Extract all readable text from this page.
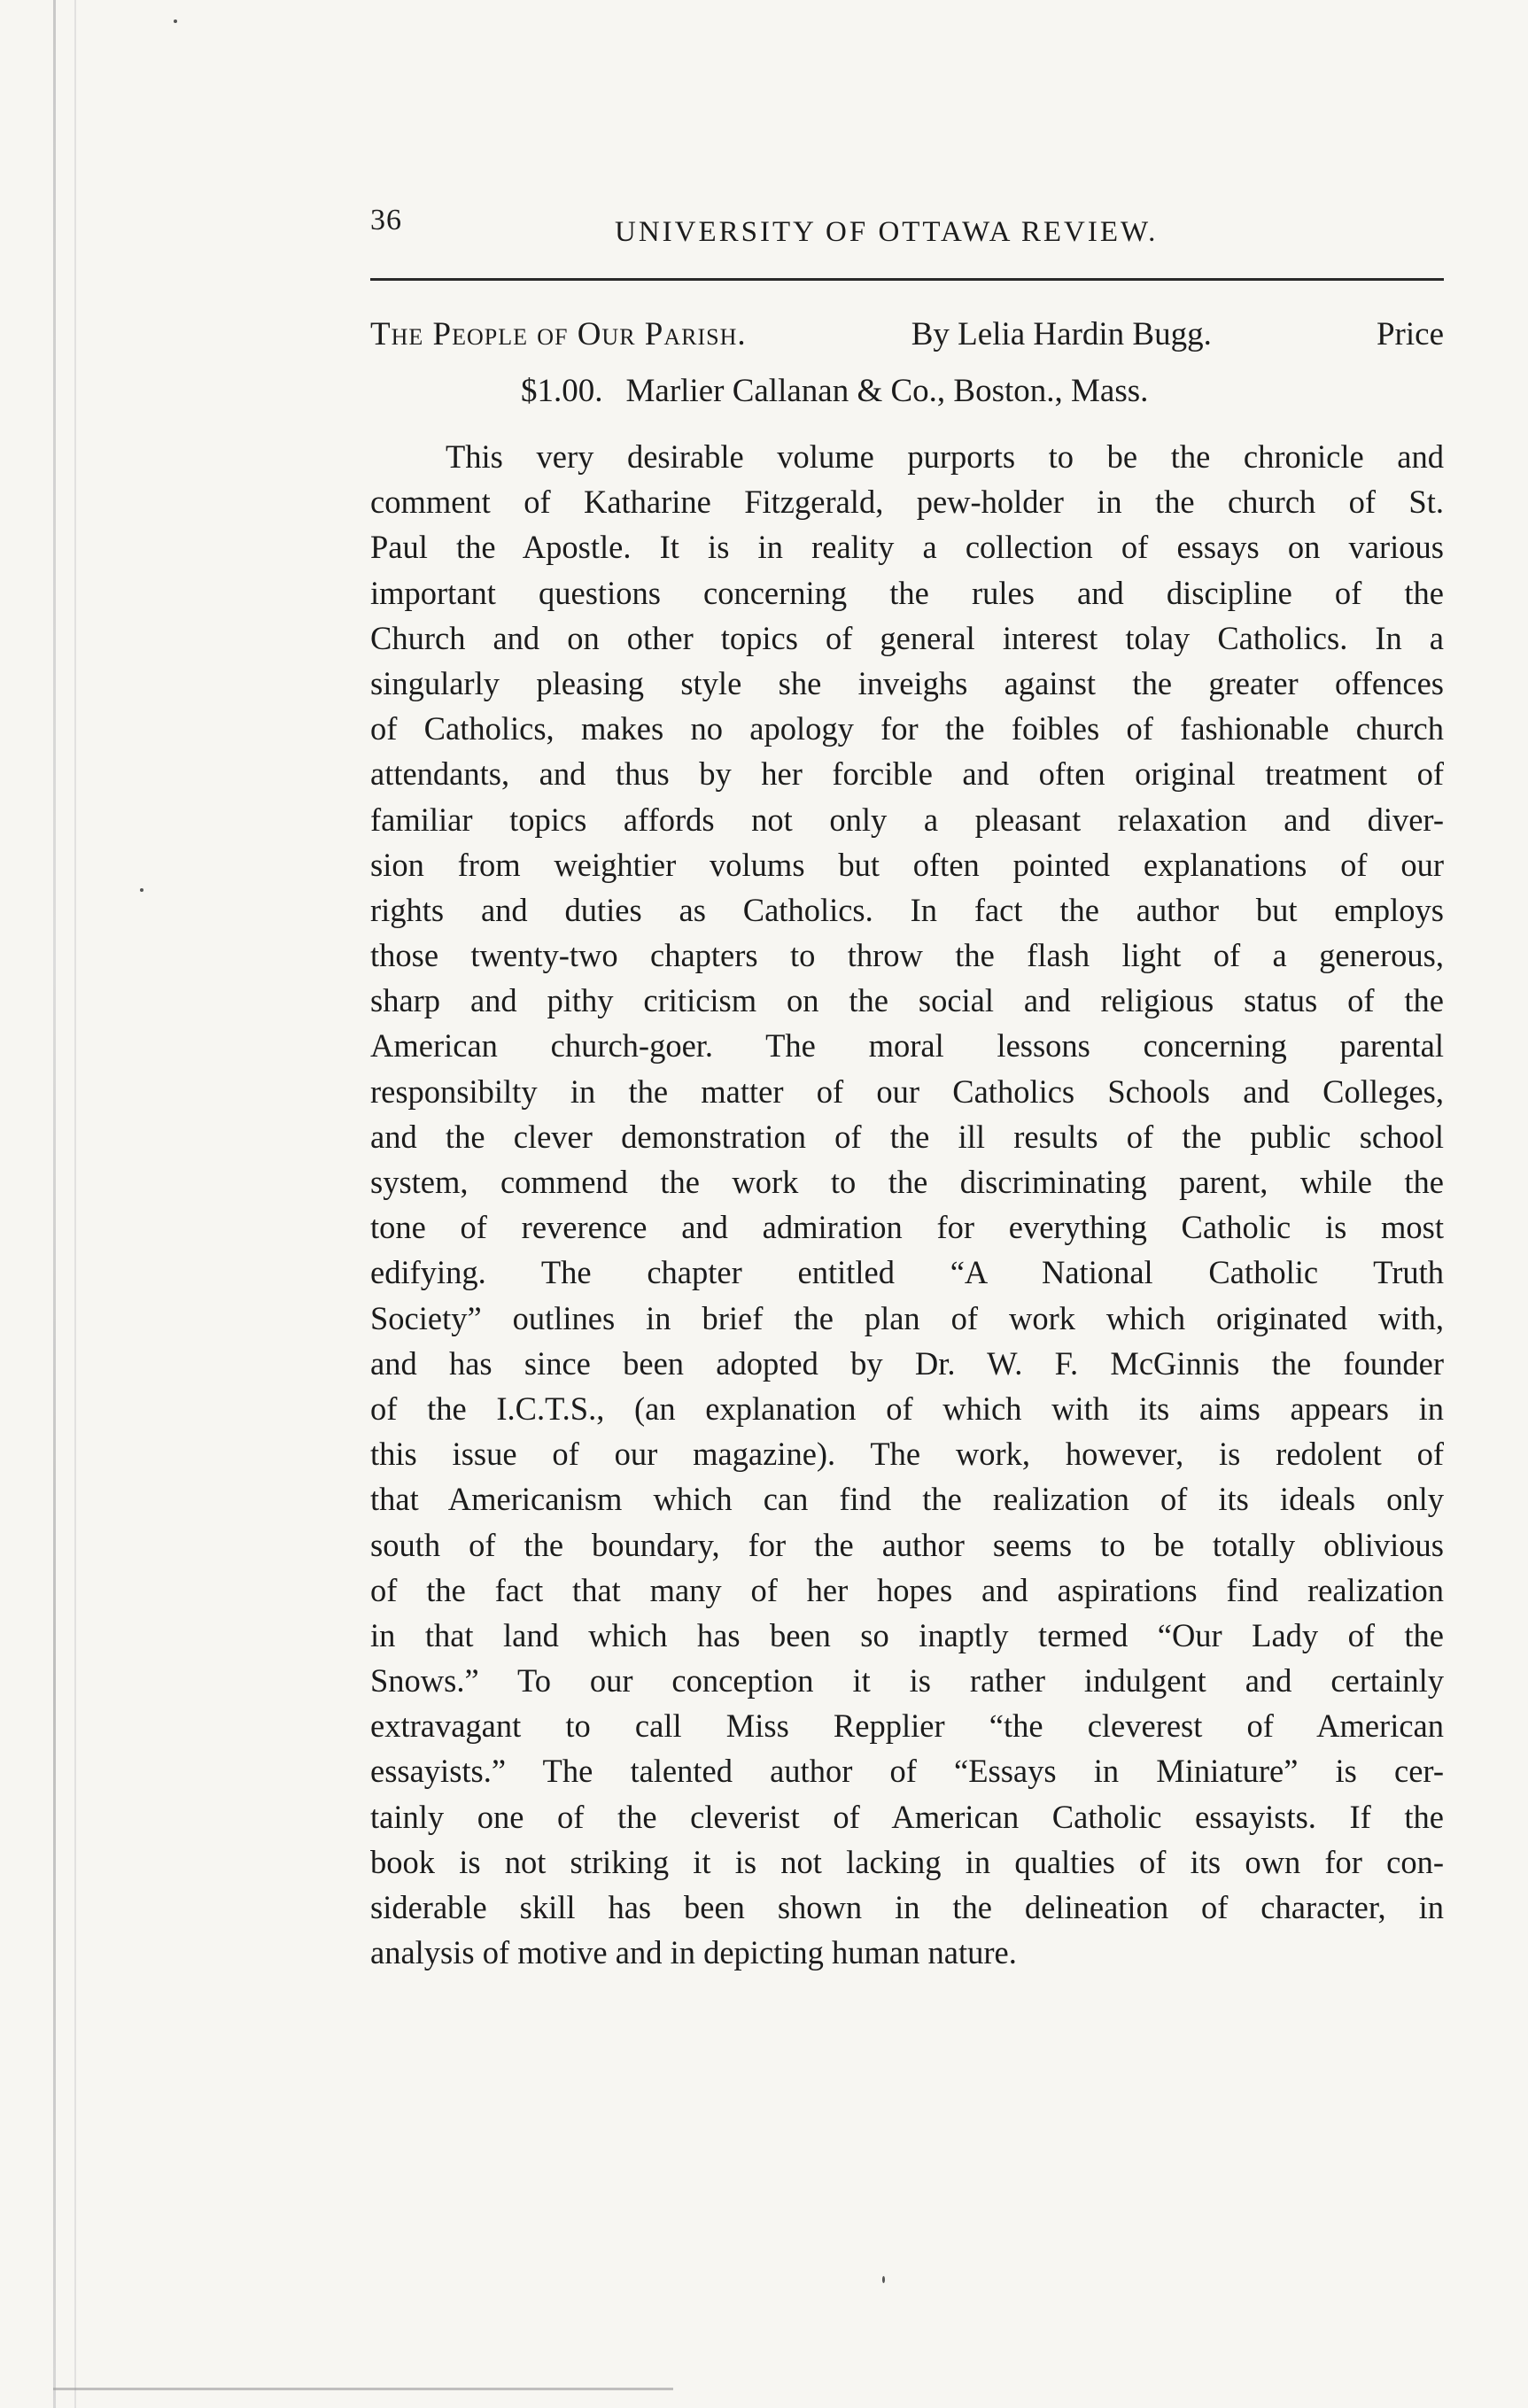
36	UNIVERSITY OF OTTAWA REVIEW.
The People of Our Parish.	By Lelia Hardin Bugg.	Price
$1.00. Marlier Callanan & Co., Boston., Mass.
This very desirable volume purports to be the chronicle and
comment of Katharine Fitzgerald, pew-holder in the church of St.
Paul the Apostle. It is in reality a collection of essays on various
important questions concerning the rules and discipline of the
Church and on other topics of general interest tolay Catholics. In a
singularly pleasing style she inveighs against the greater offences
of Catholics, makes no apology for the foibles of fashionable church
attendants, and thus by her forcible and often original treatment of
familiar topics affords not only a pleasant relaxation and diver-
sion from weightier volums but often pointed explanations of our
rights and duties as Catholics. In fact the author but employs
those twenty-two chapters to throw the flash light of a generous,
sharp and pithy criticism on the social and religious status of the
American church-goer. The moral lessons concerning parental
responsibilty in the matter of our Catholics Schools and Colleges,
and the clever demonstration of the ill results of the public school
system, commend the work to the discriminating parent, while the
tone of reverence and admiration for everything Catholic is most
edifying. The chapter entitled “A National Catholic Truth
Society” outlines in brief the plan of work which originated with,
and has since been adopted by Dr. W. F. McGinnis the founder
of the I.C.T.S., (an explanation of which with its aims appears in
this issue of our magazine). The work, however, is redolent of
that Americanism which can find the realization of its ideals only
south of the boundary, for the author seems to be totally oblivious
of the fact that many of her hopes and aspirations find realization
in that land which has been so inaptly termed “Our Lady of the
Snows.” To our conception it is rather indulgent and certainly
extravagant to call Miss Repplier “the cleverest of American
essayists.” The talented author of “Essays in Miniature” is cer-
tainly one of the cleverist of American Catholic essayists. If the
book is not striking it is not lacking in qualties of its own for con-
siderable skill has been shown in the delineation of character, in
analysis of motive and in depicting human nature.
